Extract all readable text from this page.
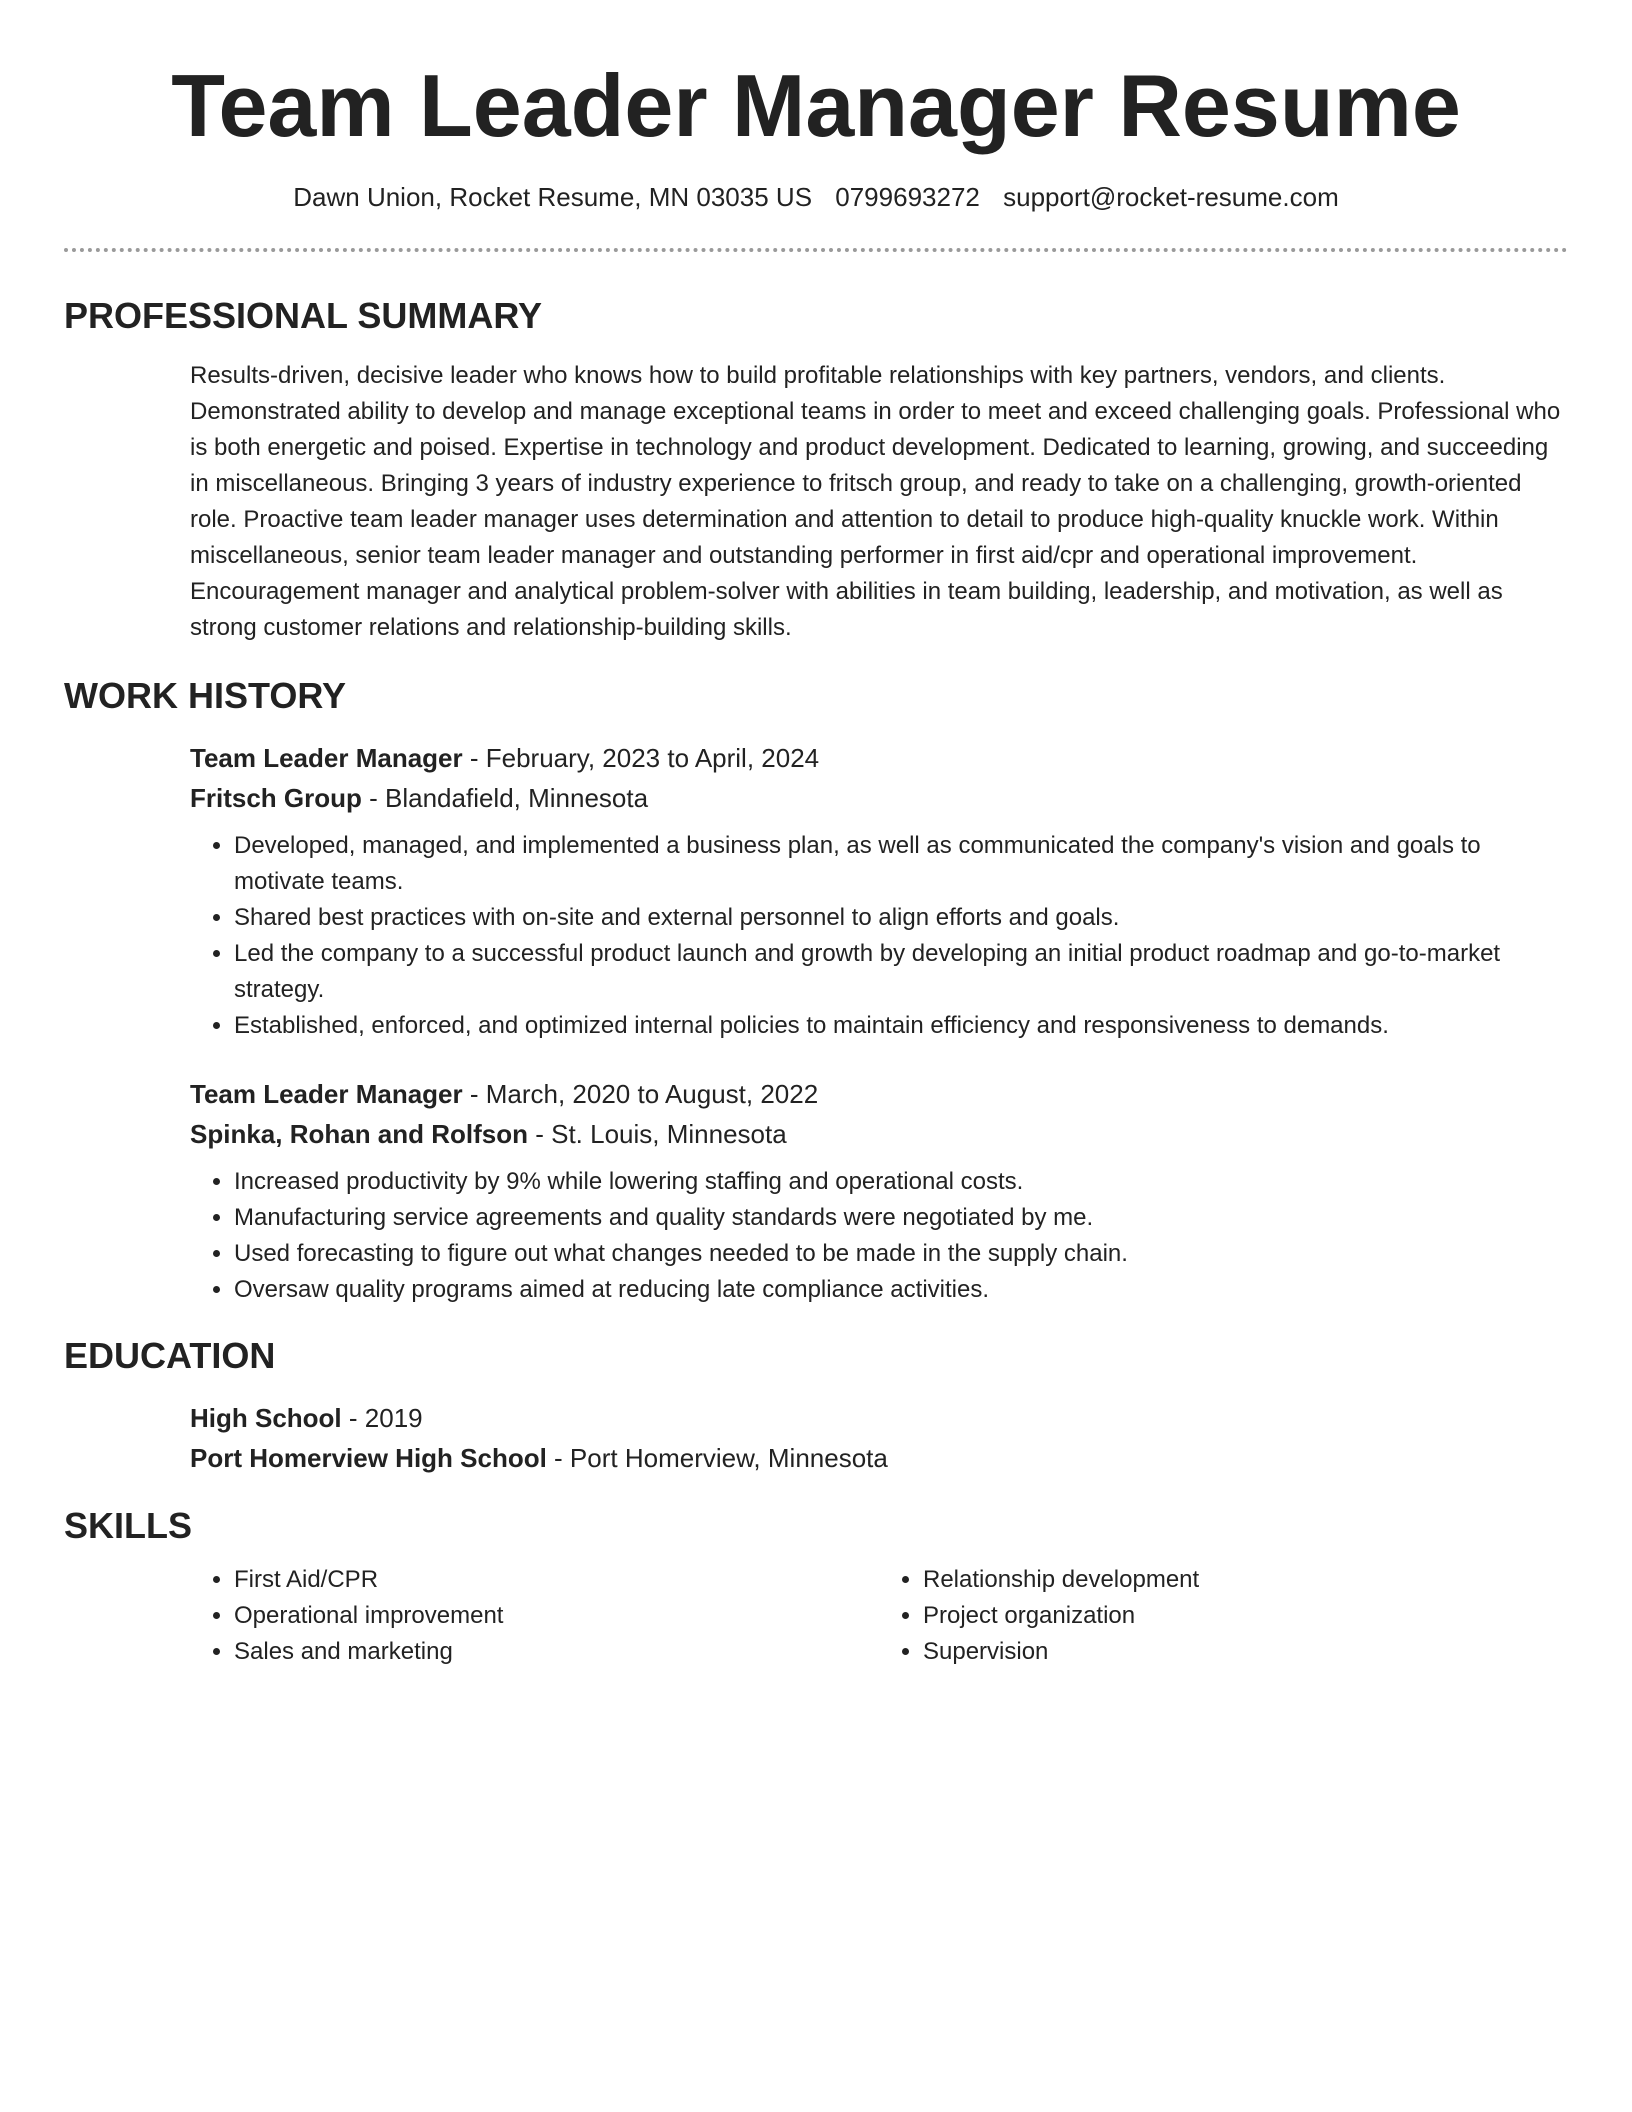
Team Leader Manager Resume
Dawn Union, Rocket Resume, MN 03035 US 0799693272 support@rocket-resume.com
PROFESSIONAL SUMMARY
Results-driven, decisive leader who knows how to build profitable relationships with key partners, vendors, and clients. Demonstrated ability to develop and manage exceptional teams in order to meet and exceed challenging goals. Professional who is both energetic and poised. Expertise in technology and product development. Dedicated to learning, growing, and succeeding in miscellaneous. Bringing 3 years of industry experience to fritsch group, and ready to take on a challenging, growth-oriented role. Proactive team leader manager uses determination and attention to detail to produce high-quality knuckle work. Within miscellaneous, senior team leader manager and outstanding performer in first aid/cpr and operational improvement. Encouragement manager and analytical problem-solver with abilities in team building, leadership, and motivation, as well as strong customer relations and relationship-building skills.
WORK HISTORY
Team Leader Manager - February, 2023 to April, 2024
Fritsch Group - Blandafield, Minnesota
• Developed, managed, and implemented a business plan, as well as communicated the company's vision and goals to motivate teams.
• Shared best practices with on-site and external personnel to align efforts and goals.
• Led the company to a successful product launch and growth by developing an initial product roadmap and go-to-market strategy.
• Established, enforced, and optimized internal policies to maintain efficiency and responsiveness to demands.
Team Leader Manager - March, 2020 to August, 2022
Spinka, Rohan and Rolfson - St. Louis, Minnesota
• Increased productivity by 9% while lowering staffing and operational costs.
• Manufacturing service agreements and quality standards were negotiated by me.
• Used forecasting to figure out what changes needed to be made in the supply chain.
• Oversaw quality programs aimed at reducing late compliance activities.
EDUCATION
High School - 2019
Port Homerview High School - Port Homerview, Minnesota
SKILLS
• First Aid/CPR
• Operational improvement
• Sales and marketing
• Relationship development
• Project organization
• Supervision
